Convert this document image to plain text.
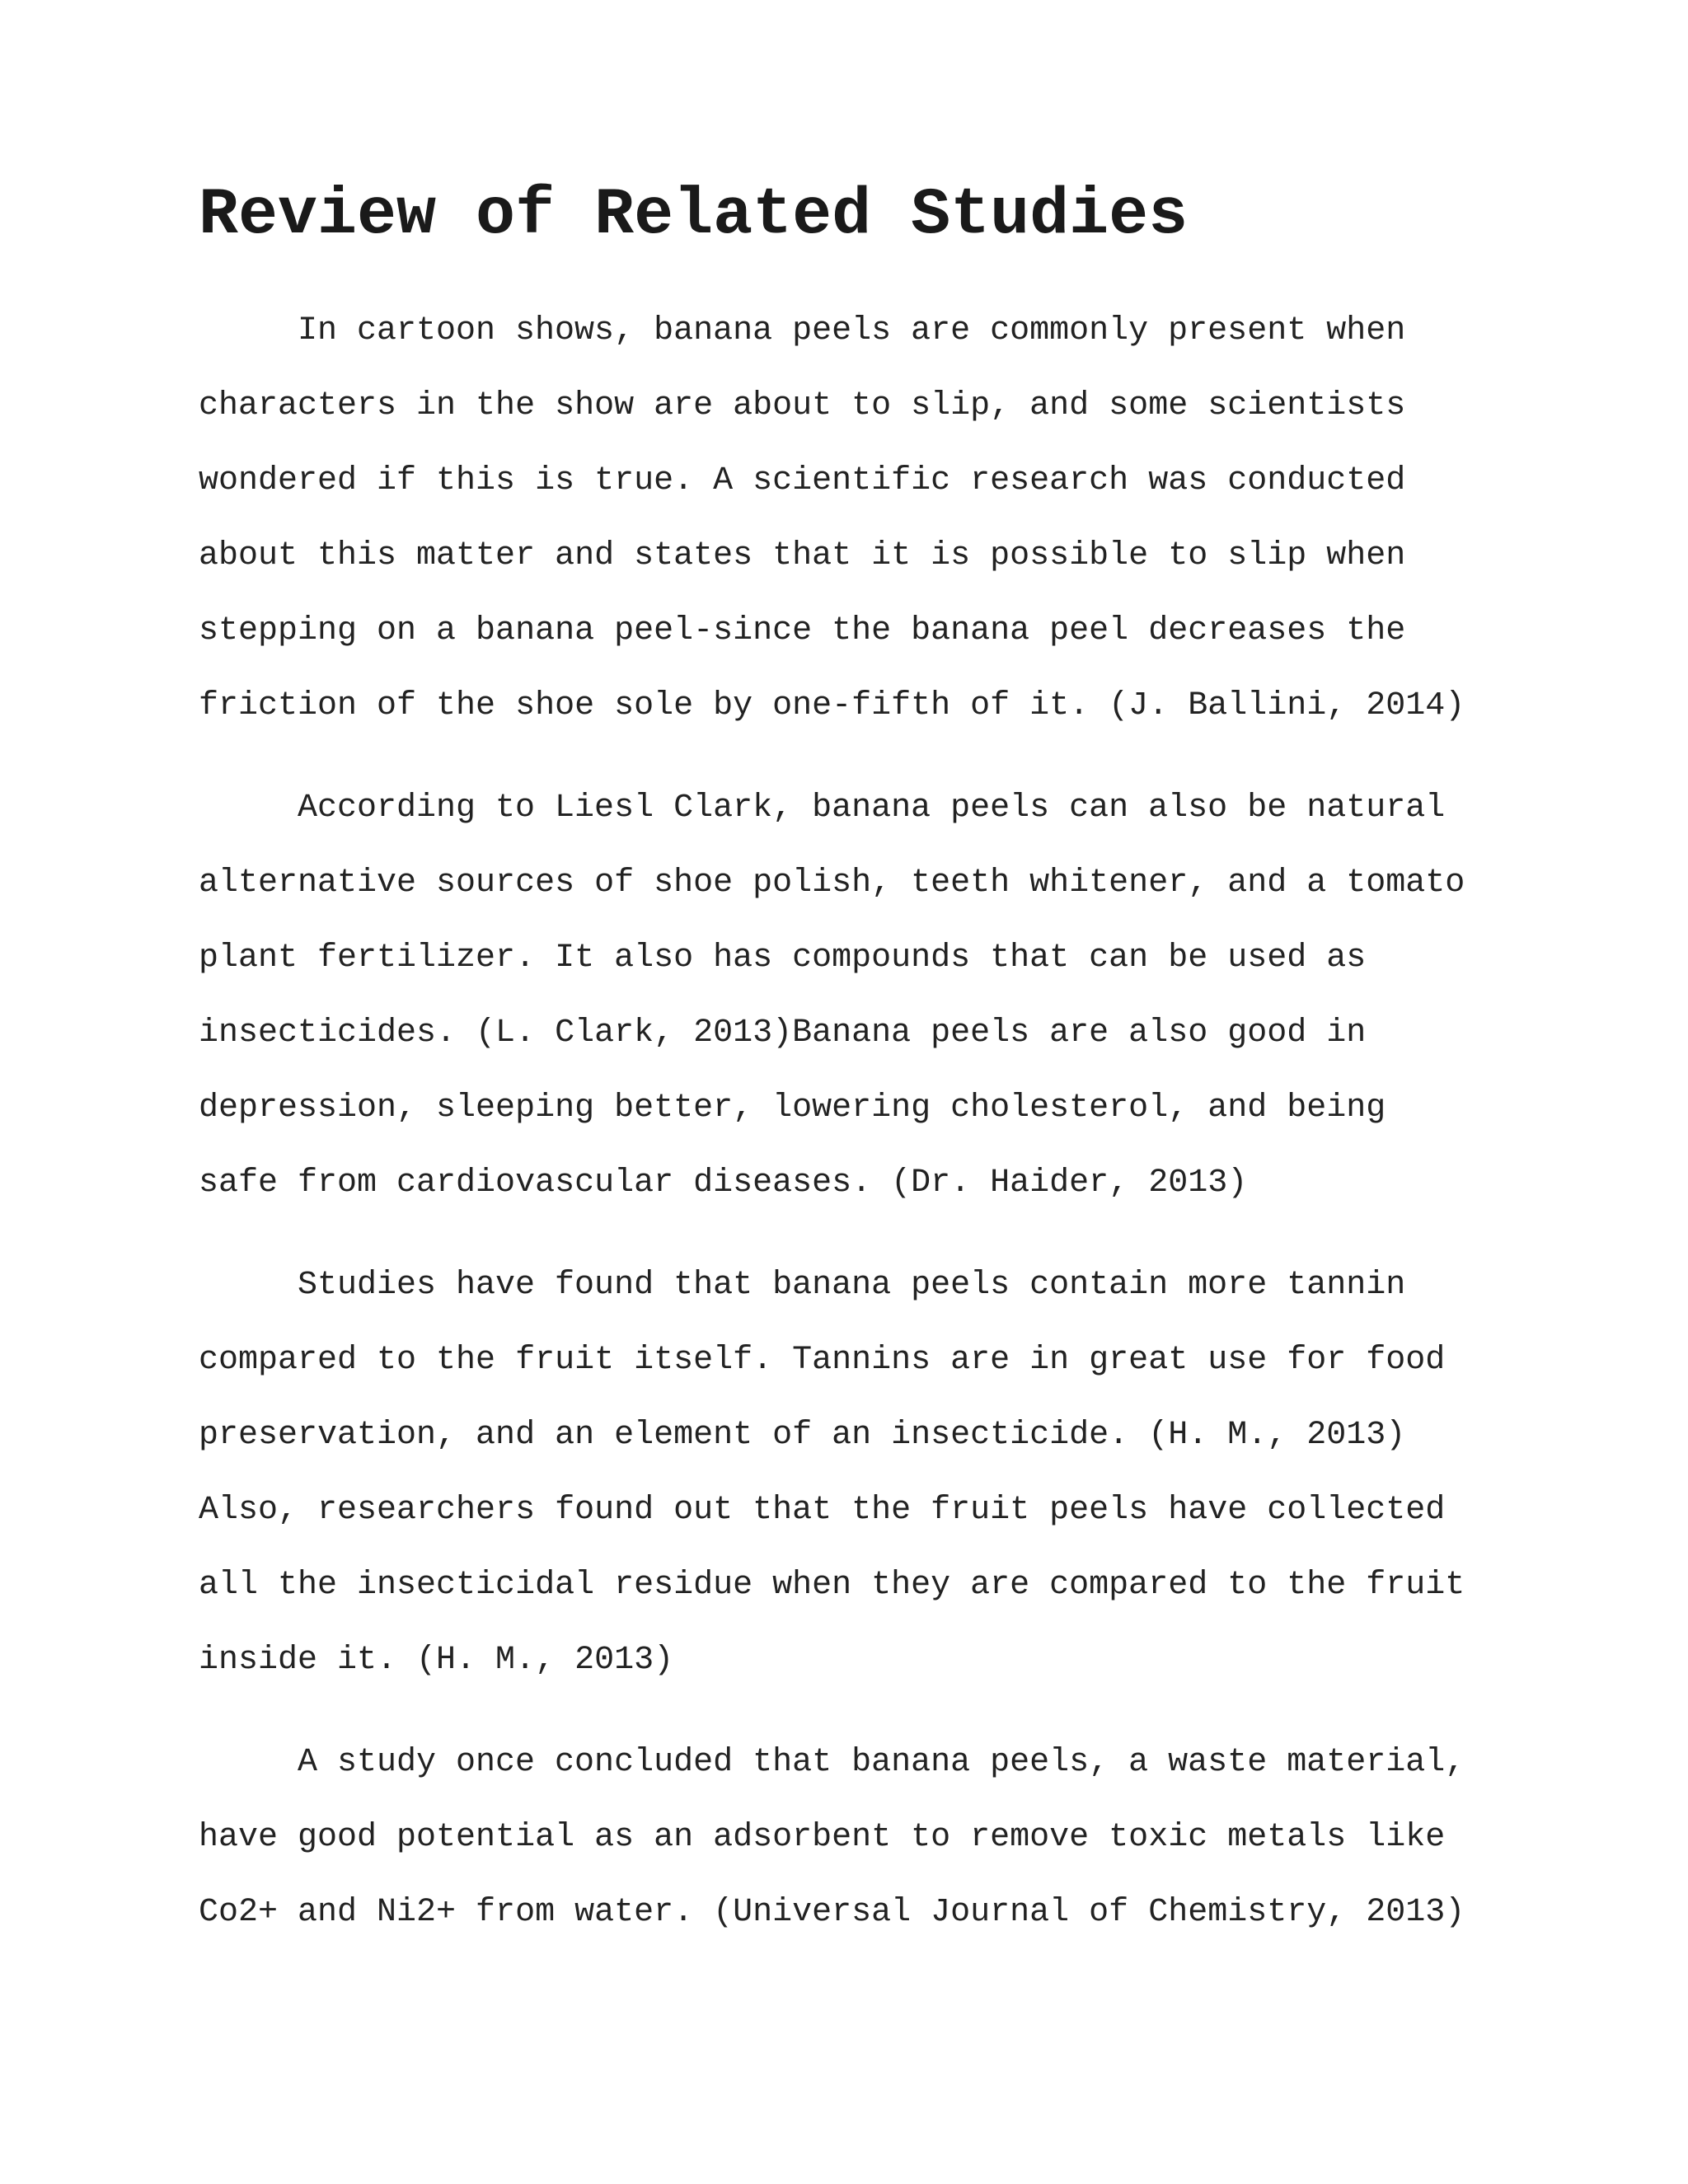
Review of Related Studies

In cartoon shows, banana peels are commonly present when
characters in the show are about to slip, and some scientists
wondered if this is true. A scientific research was conducted
about this matter and states that it is possible to slip when
stepping on a banana peel-since the banana peel decreases the
friction of the shoe sole by one-fifth of it. (J. Ballini, 2014)

According to Liesl Clark, banana peels can also be natural
alternative sources of shoe polish, teeth whitener, and a tomato
plant fertilizer. It also has compounds that can be used as
insecticides. (L. Clark, 2013)Banana peels are also good in
depression, sleeping better, lowering cholesterol, and being
safe from cardiovascular diseases. (Dr. Haider, 2013)

Studies have found that banana peels contain more tannin
compared to the fruit itself. Tannins are in great use for food
preservation, and an element of an insecticide. (H. M., 2013)
Also, researchers found out that the fruit peels have collected
all the insecticidal residue when they are compared to the fruit
inside it. (H. M., 2013)

A study once concluded that banana peels, a waste material,
have good potential as an adsorbent to remove toxic metals like
Co2+ and Ni2+ from water. (Universal Journal of Chemistry, 2013)
